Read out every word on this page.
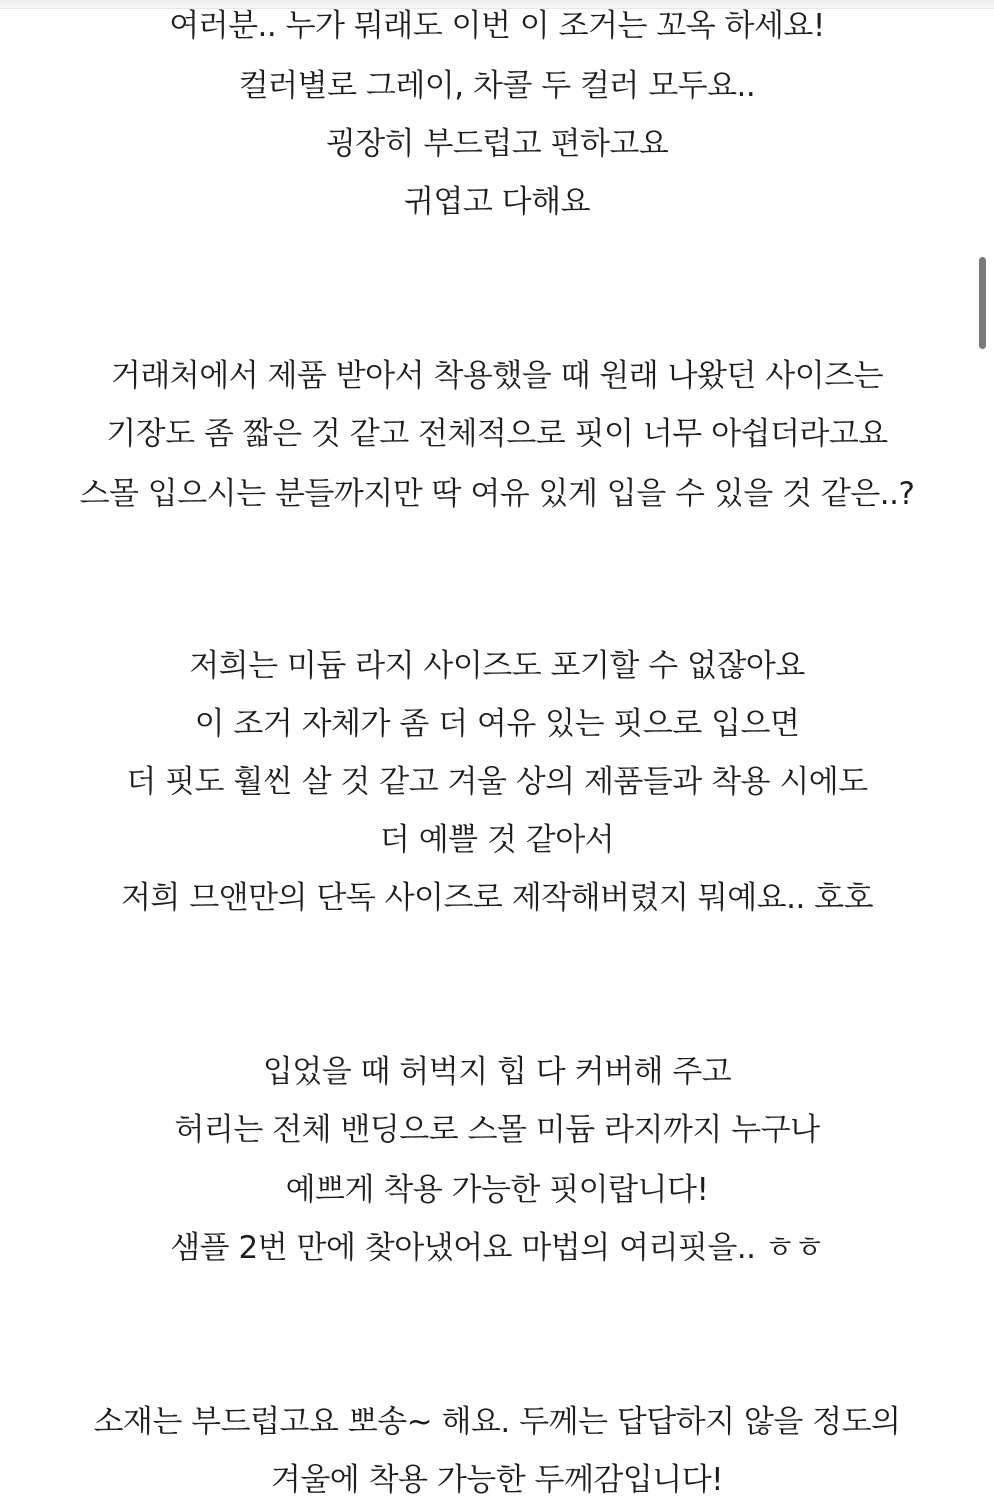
여러분.. 누가 뭐래도 이번 이 조거는 꼬옥 하세요!
컬러별로 그레이, 차콜 두 컬러 모두요..
굉장히 부드럽고 편하고요
귀엽고 다해요
거래처에서 제품 받아서 착용했을 때 원래 나왔던 사이즈는
기장도 좀 짧은 것 같고 전체적으로 핏이 너무 아쉽더라고요
스몰 입으시는 분들까지만 딱 여유 있게 입을 수 있을 것 같은..?
저희는 미듐 라지 사이즈도 포기할 수 없잖아요
이 조거 자체가 좀 더 여유 있는 핏으로 입으면
더 핏도 훨씬 살 것 같고 겨울 상의 제품들과 착용 시에도
더 예쁠 것 같아서
저희 므앤만의 단독 사이즈로 제작해버렸지 뭐예요.. 호호
입었을 때 허벅지 힙 다 커버해 주고
허리는 전체 밴딩으로 스몰 미듐 라지까지 누구나
예쁘게 착용 가능한 핏이랍니다!
샘플 2번 만에 찾아냈어요 마법의 여리핏을.. ㅎㅎ
소재는 부드럽고요 뽀송~ 해요. 두께는 답답하지 않을 정도의
겨울에 착용 가능한 두께감입니다!
